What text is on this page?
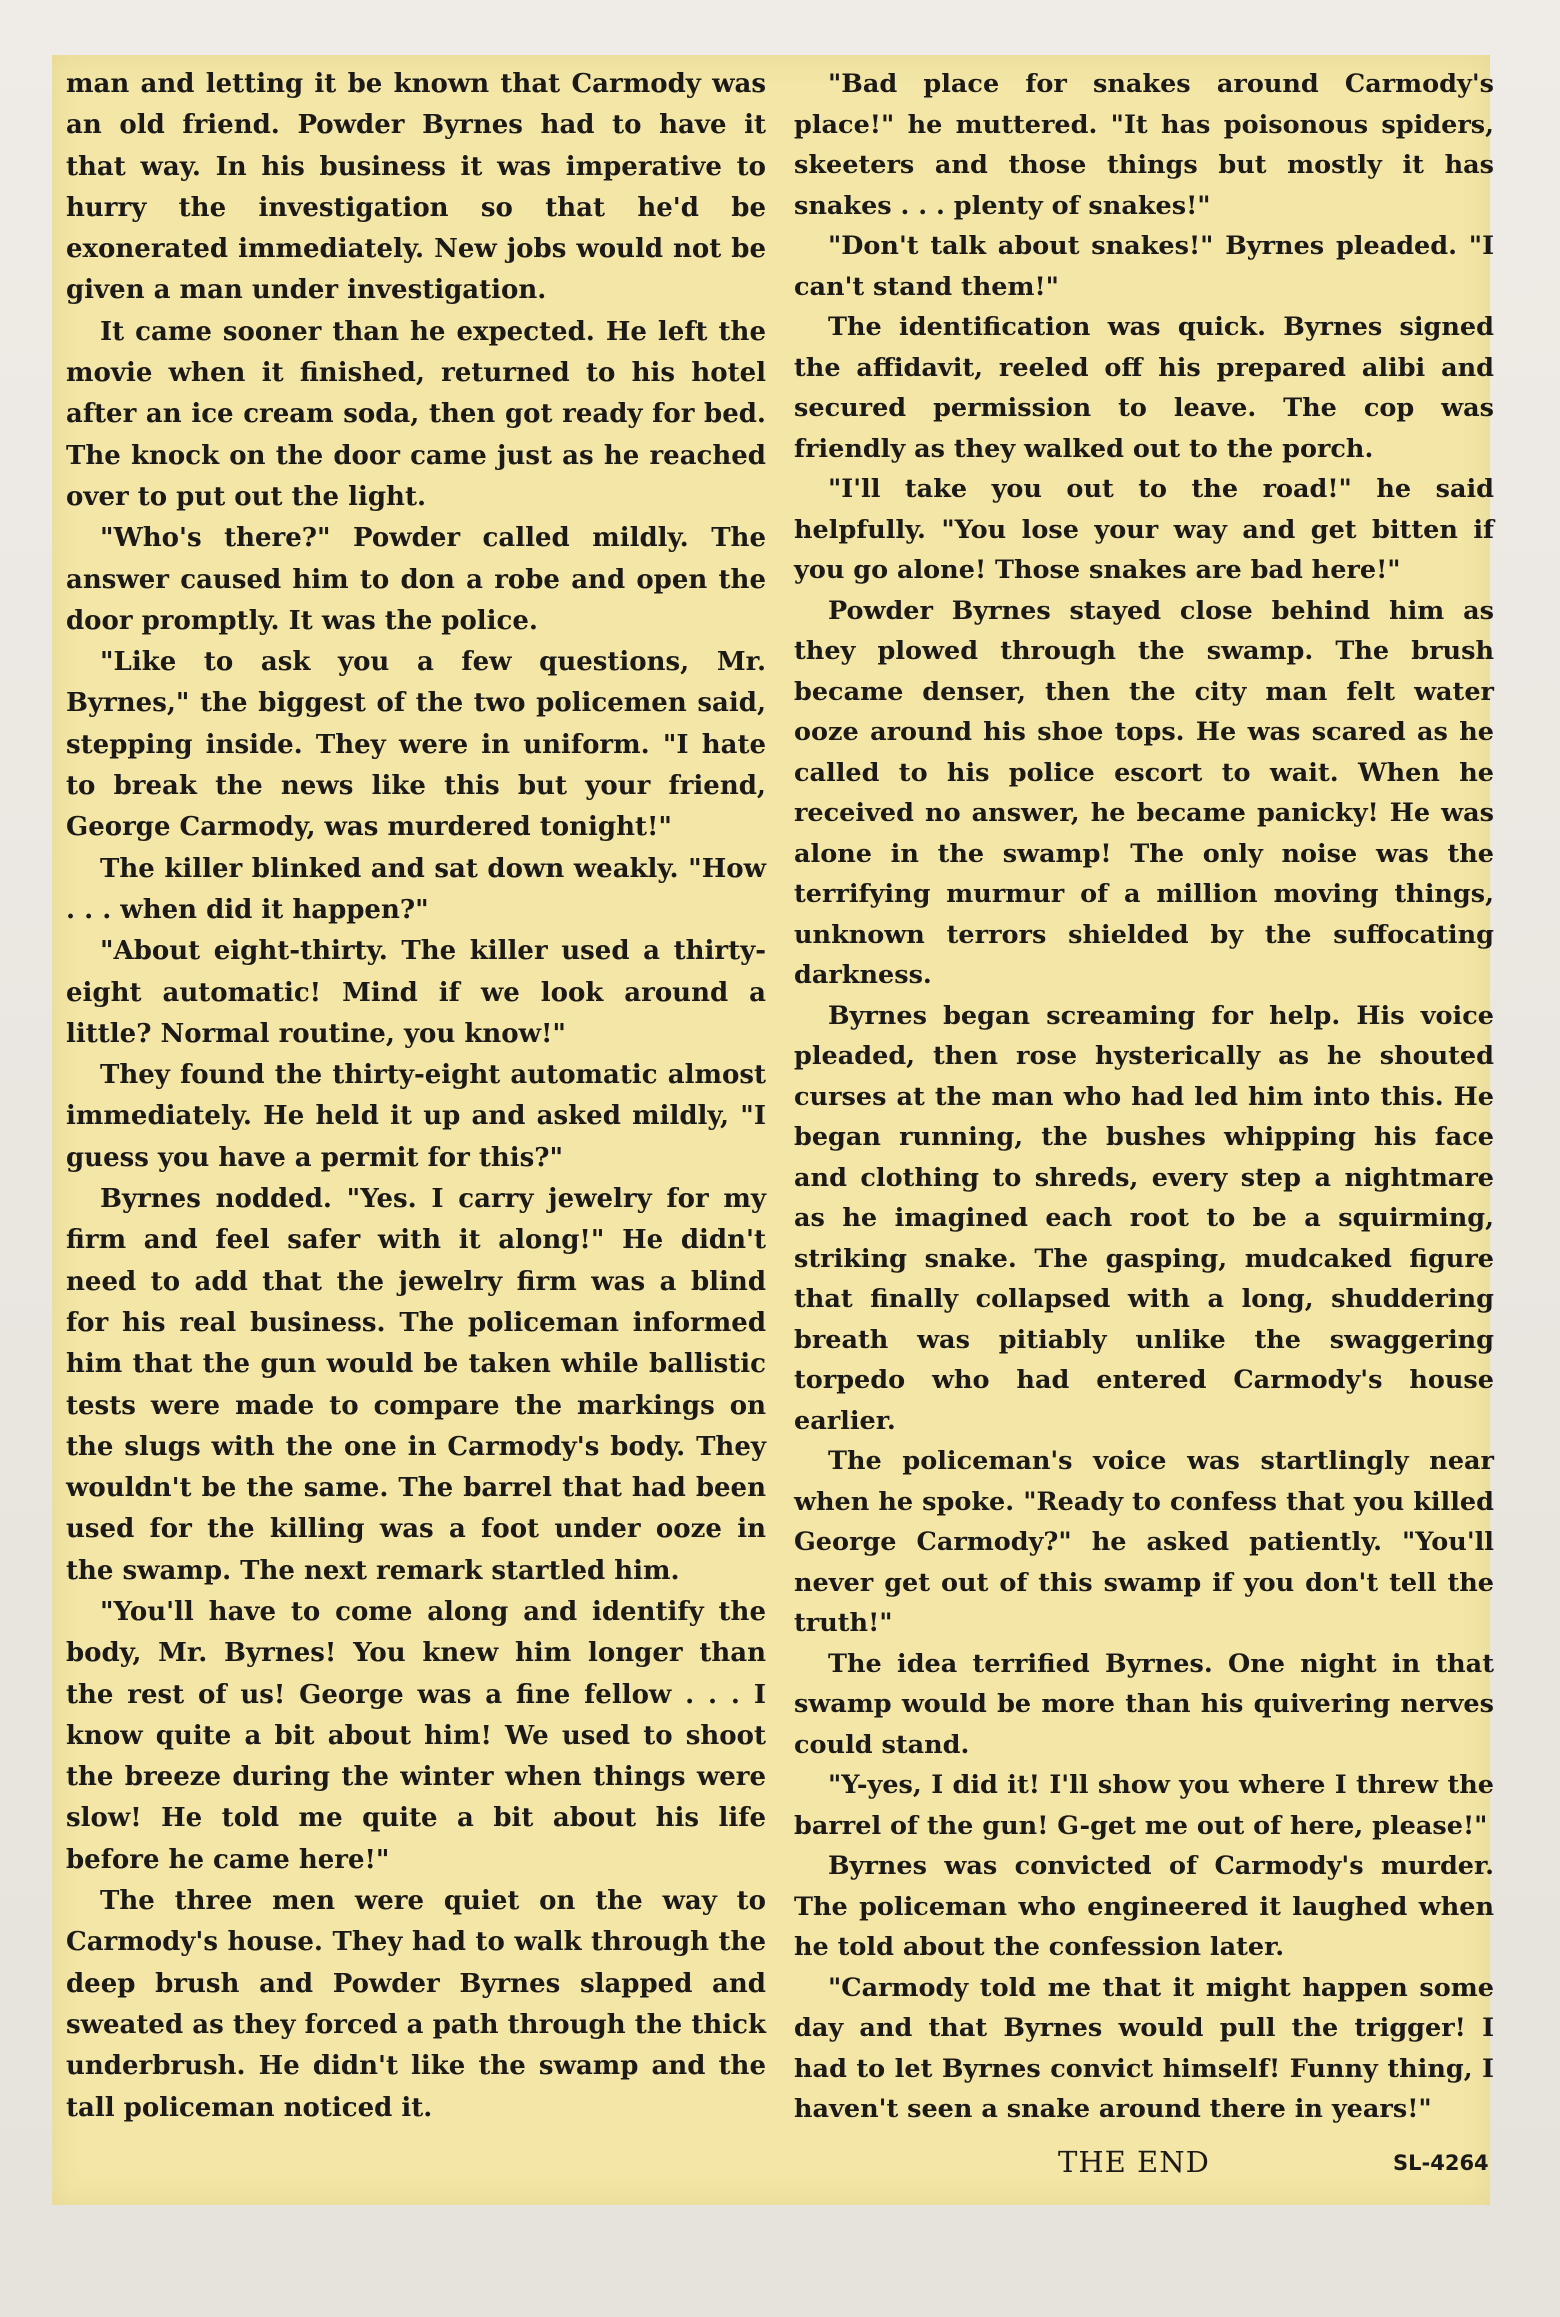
man and letting it be known that Carmody was an old friend. Powder Byrnes had to have it that way. In his business it was imperative to hurry the investigation so that he'd be exonerated immediately. New jobs would not be given a man under investigation.

It came sooner than he expected. He left the movie when it finished, returned to his hotel after an ice cream soda, then got ready for bed. The knock on the door came just as he reached over to put out the light.

"Who's there?" Powder called mildly. The answer caused him to don a robe and open the door promptly. It was the police.

"Like to ask you a few questions, Mr. Byrnes," the biggest of the two policemen said, stepping inside. They were in uniform. "I hate to break the news like this but your friend, George Carmody, was murdered tonight!"

The killer blinked and sat down weakly. "How . . . when did it happen?"

"About eight-thirty. The killer used a thirty-eight automatic! Mind if we look around a little? Normal routine, you know!"

They found the thirty-eight automatic almost immediately. He held it up and asked mildly, "I guess you have a permit for this?"

Byrnes nodded. "Yes. I carry jewelry for my firm and feel safer with it along!" He didn't need to add that the jewelry firm was a blind for his real business. The policeman informed him that the gun would be taken while ballistic tests were made to compare the markings on the slugs with the one in Carmody's body. They wouldn't be the same. The barrel that had been used for the killing was a foot under ooze in the swamp. The next remark startled him.

"You'll have to come along and identify the body, Mr. Byrnes! You knew him longer than the rest of us! George was a fine fellow . . . I know quite a bit about him! We used to shoot the breeze during the winter when things were slow! He told me quite a bit about his life before he came here!"

The three men were quiet on the way to Carmody's house. They had to walk through the deep brush and Powder Byrnes slapped and sweated as they forced a path through the thick underbrush. He didn't like the swamp and the tall policeman noticed it.

"Bad place for snakes around Carmody's place!" he muttered. "It has poisonous spiders, skeeters and those things but mostly it has snakes . . . plenty of snakes!"

"Don't talk about snakes!" Byrnes pleaded. "I can't stand them!"

The identification was quick. Byrnes signed the affidavit, reeled off his prepared alibi and secured permission to leave. The cop was friendly as they walked out to the porch.

"I'll take you out to the road!" he said helpfully. "You lose your way and get bitten if you go alone! Those snakes are bad here!"

Powder Byrnes stayed close behind him as they plowed through the swamp. The brush became denser, then the city man felt water ooze around his shoe tops. He was scared as he called to his police escort to wait. When he received no answer, he became panicky! He was alone in the swamp! The only noise was the terrifying murmur of a million moving things, unknown terrors shielded by the suffocating darkness.

Byrnes began screaming for help. His voice pleaded, then rose hysterically as he shouted curses at the man who had led him into this. He began running, the bushes whipping his face and clothing to shreds, every step a nightmare as he imagined each root to be a squirming, striking snake. The gasping, mudcaked figure that finally collapsed with a long, shuddering breath was pitiably unlike the swaggering torpedo who had entered Carmody's house earlier.

The policeman's voice was startlingly near when he spoke. "Ready to confess that you killed George Carmody?" he asked patiently. "You'll never get out of this swamp if you don't tell the truth!"

The idea terrified Byrnes. One night in that swamp would be more than his quivering nerves could stand.

"Y-yes, I did it! I'll show you where I threw the barrel of the gun! G-get me out of here, please!"

Byrnes was convicted of Carmody's murder. The policeman who engineered it laughed when he told about the confession later.

"Carmody told me that it might happen some day and that Byrnes would pull the trigger! I had to let Byrnes convict himself! Funny thing, I haven't seen a snake around there in years!"

THE END	SL-4264
